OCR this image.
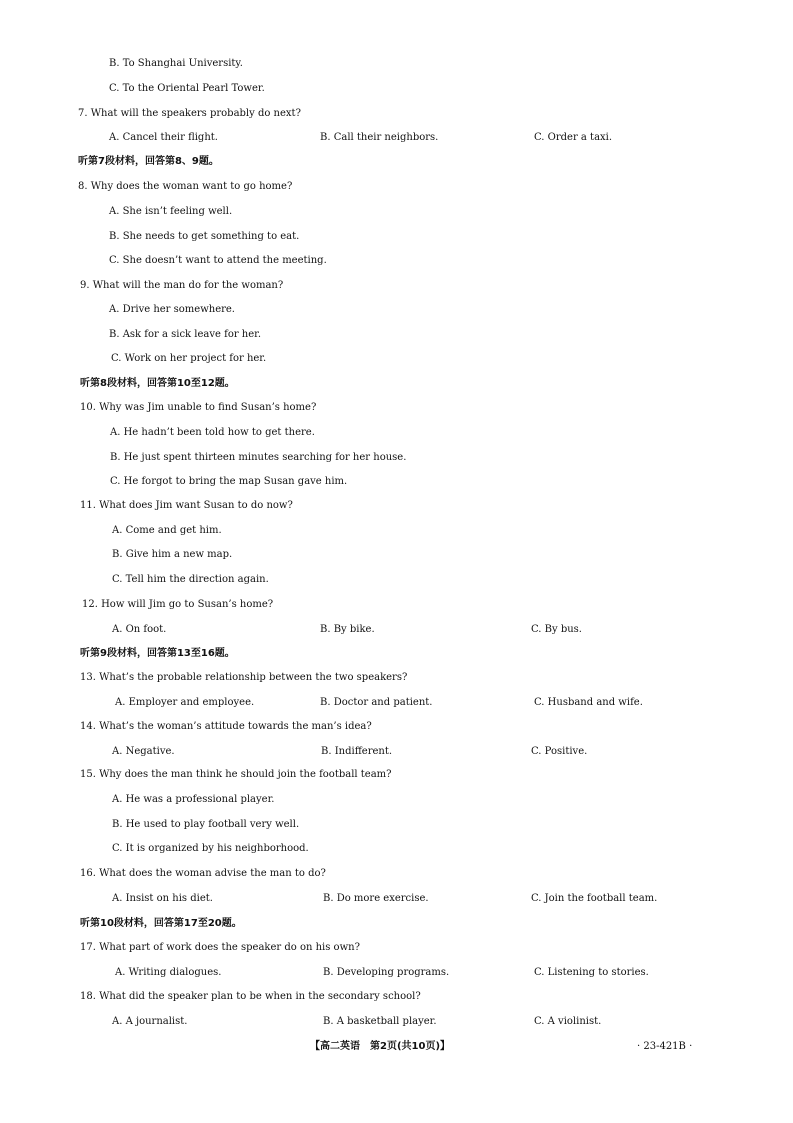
B. To Shanghai University.
C. To the Oriental Pearl Tower.
7. What will the speakers probably do next?
A. Cancel their flight.	B. Call their neighbors.	C. Order a taxi.
听第7段材料，回答第8、9题。
8. Why does the woman want to go home?
A. She isn’t feeling well.
B. She needs to get something to eat.
C. She doesn’t want to attend the meeting.
9. What will the man do for the woman?
A. Drive her somewhere.
B. Ask for a sick leave for her.
C. Work on her project for her.
听第8段材料，回答第10至12题。
10. Why was Jim unable to find Susan’s home?
A. He hadn’t been told how to get there.
B. He just spent thirteen minutes searching for her house.
C. He forgot to bring the map Susan gave him.
11. What does Jim want Susan to do now?
A. Come and get him.
B. Give him a new map.
C. Tell him the direction again.
12. How will Jim go to Susan’s home?
A. On foot.	B. By bike.	C. By bus.
听第9段材料，回答第13至16题。
13. What’s the probable relationship between the two speakers?
A. Employer and employee.	B. Doctor and patient.	C. Husband and wife.
14. What’s the woman’s attitude towards the man’s idea?
A. Negative.	B. Indifferent.	C. Positive.
15. Why does the man think he should join the football team?
A. He was a professional player.
B. He used to play football very well.
C. It is organized by his neighborhood.
16. What does the woman advise the man to do?
A. Insist on his diet.	B. Do more exercise.	C. Join the football team.
听第10段材料，回答第17至20题。
17. What part of work does the speaker do on his own?
A. Writing dialogues.	B. Developing programs.	C. Listening to stories.
18. What did the speaker plan to be when in the secondary school?
A. A journalist.	B. A basketball player.	C. A violinist.
【高二英语　第2页(共10页)】	· 23-421B ·
